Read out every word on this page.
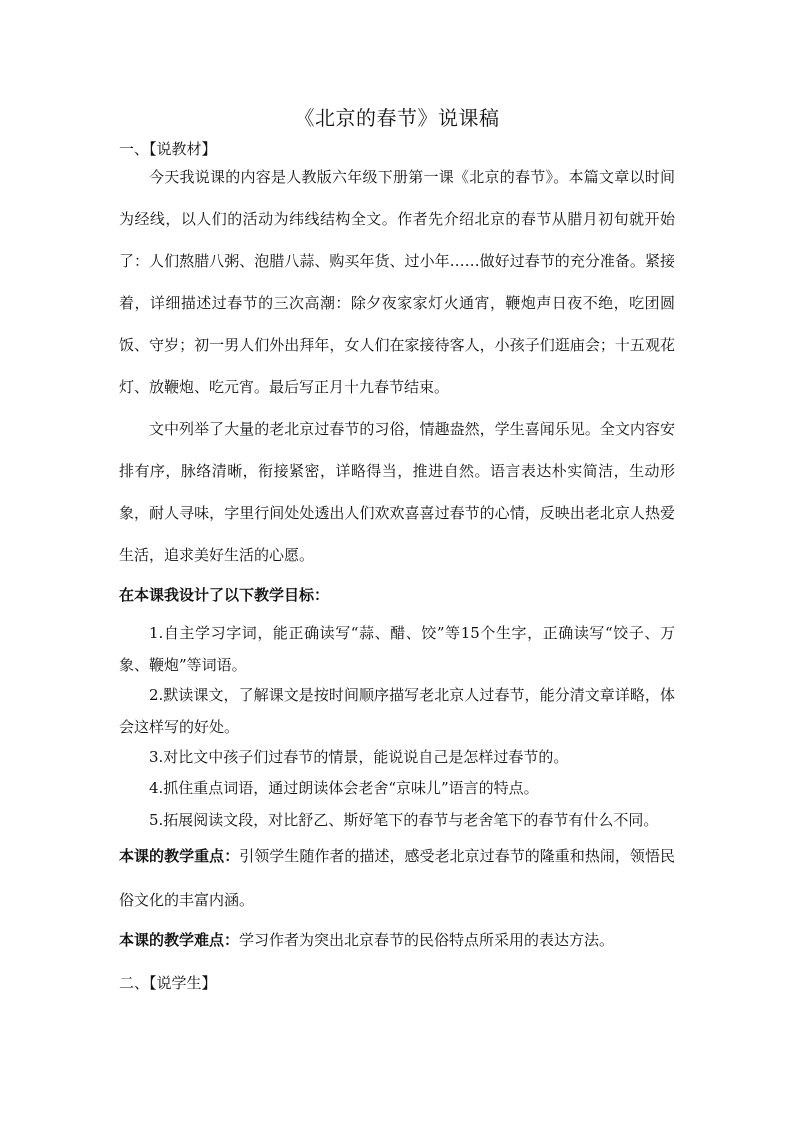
《北京的春节》说课稿
一、【说教材】
今天我说课的内容是人教版六年级下册第一课《北京的春节》。本篇文章以时间为经线，以人们的活动为纬线结构全文。作者先介绍北京的春节从腊月初旬就开始了：人们熬腊八粥、泡腊八蒜、购买年货、过小年……做好过春节的充分准备。紧接着，详细描述过春节的三次高潮：除夕夜家家灯火通宵，鞭炮声日夜不绝，吃团圆饭、守岁；初一男人们外出拜年，女人们在家接待客人，小孩子们逛庙会；十五观花灯、放鞭炮、吃元宵。最后写正月十九春节结束。
文中列举了大量的老北京过春节的习俗，情趣盎然，学生喜闻乐见。全文内容安排有序，脉络清晰，衔接紧密，详略得当，推进自然。语言表达朴实简洁，生动形象，耐人寻味，字里行间处处透出人们欢欢喜喜过春节的心情，反映出老北京人热爱生活，追求美好生活的心愿。
在本课我设计了以下教学目标：
1.自主学习字词，能正确读写“蒜、醋、饺”等15个生字，正确读写“饺子、万象、鞭炮”等词语。
2.默读课文，了解课文是按时间顺序描写老北京人过春节，能分清文章详略，体会这样写的好处。
3.对比文中孩子们过春节的情景，能说说自己是怎样过春节的。
4.抓住重点词语，通过朗读体会老舍“京味儿”语言的特点。
5.拓展阅读文段，对比舒乙、斯妤笔下的春节与老舍笔下的春节有什么不同。
本课的教学重点：引领学生随作者的描述，感受老北京过春节的隆重和热闹，领悟民俗文化的丰富内涵。
本课的教学难点：学习作者为突出北京春节的民俗特点所采用的表达方法。
二、【说学生】
